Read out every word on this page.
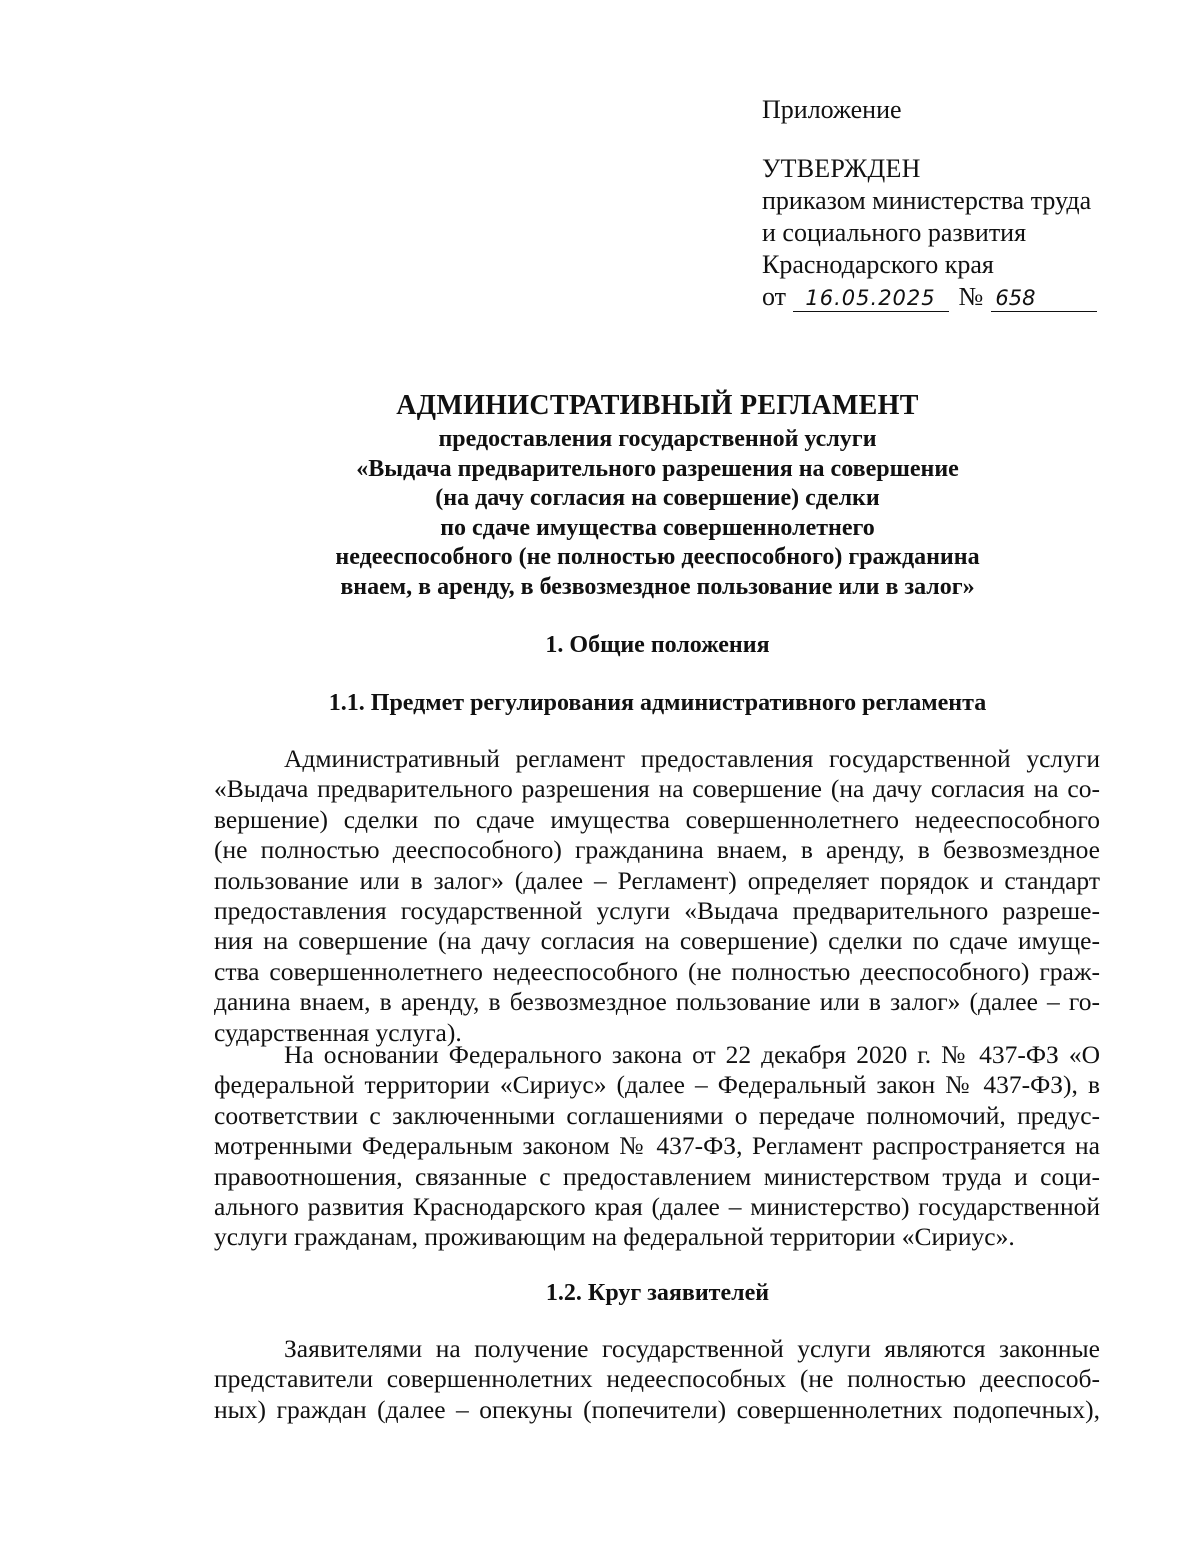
Приложение
УТВЕРЖДЕН
приказом министерства труда
и социального развития
Краснодарского края
от 16.05.2025 № 658
АДМИНИСТРАТИВНЫЙ РЕГЛАМЕНТ
предоставления государственной услуги
«Выдача предварительного разрешения на совершение
(на дачу согласия на совершение) сделки
по сдаче имущества совершеннолетнего
недееспособного (не полностью дееспособного) гражданина
внаем, в аренду, в безвозмездное пользование или в залог»
1. Общие положения
1.1. Предмет регулирования административного регламента

Административный регламент предоставления государственной услуги
«Выдача предварительного разрешения на совершение (на дачу согласия на со-
вершение) сделки по сдаче имущества совершеннолетнего недееспособного
(не полностью дееспособного) гражданина внаем, в аренду, в безвозмездное
пользование или в залог» (далее – Регламент) определяет порядок и стандарт
предоставления государственной услуги «Выдача предварительного разреше-
ния на совершение (на дачу согласия на совершение) сделки по сдаче имуще-
ства совершеннолетнего недееспособного (не полностью дееспособного) граж-
данина внаем, в аренду, в безвозмездное пользование или в залог» (далее – го-
сударственная услуга).

На основании Федерального закона от 22 декабря 2020 г. № 437-ФЗ «О
федеральной территории «Сириус» (далее – Федеральный закон № 437-ФЗ), в
соответствии с заключенными соглашениями о передаче полномочий, предус-
мотренными Федеральным законом № 437-ФЗ, Регламент распространяется на
правоотношения, связанные с предоставлением министерством труда и соци-
ального развития Краснодарского края (далее – министерство) государственной
услуги гражданам, проживающим на федеральной территории «Сириус».

1.2. Круг заявителей

Заявителями на получение государственной услуги являются законные
представители совершеннолетних недееспособных (не полностью дееспособ-
ных) граждан (далее – опекуны (попечители) совершеннолетних подопечных),
